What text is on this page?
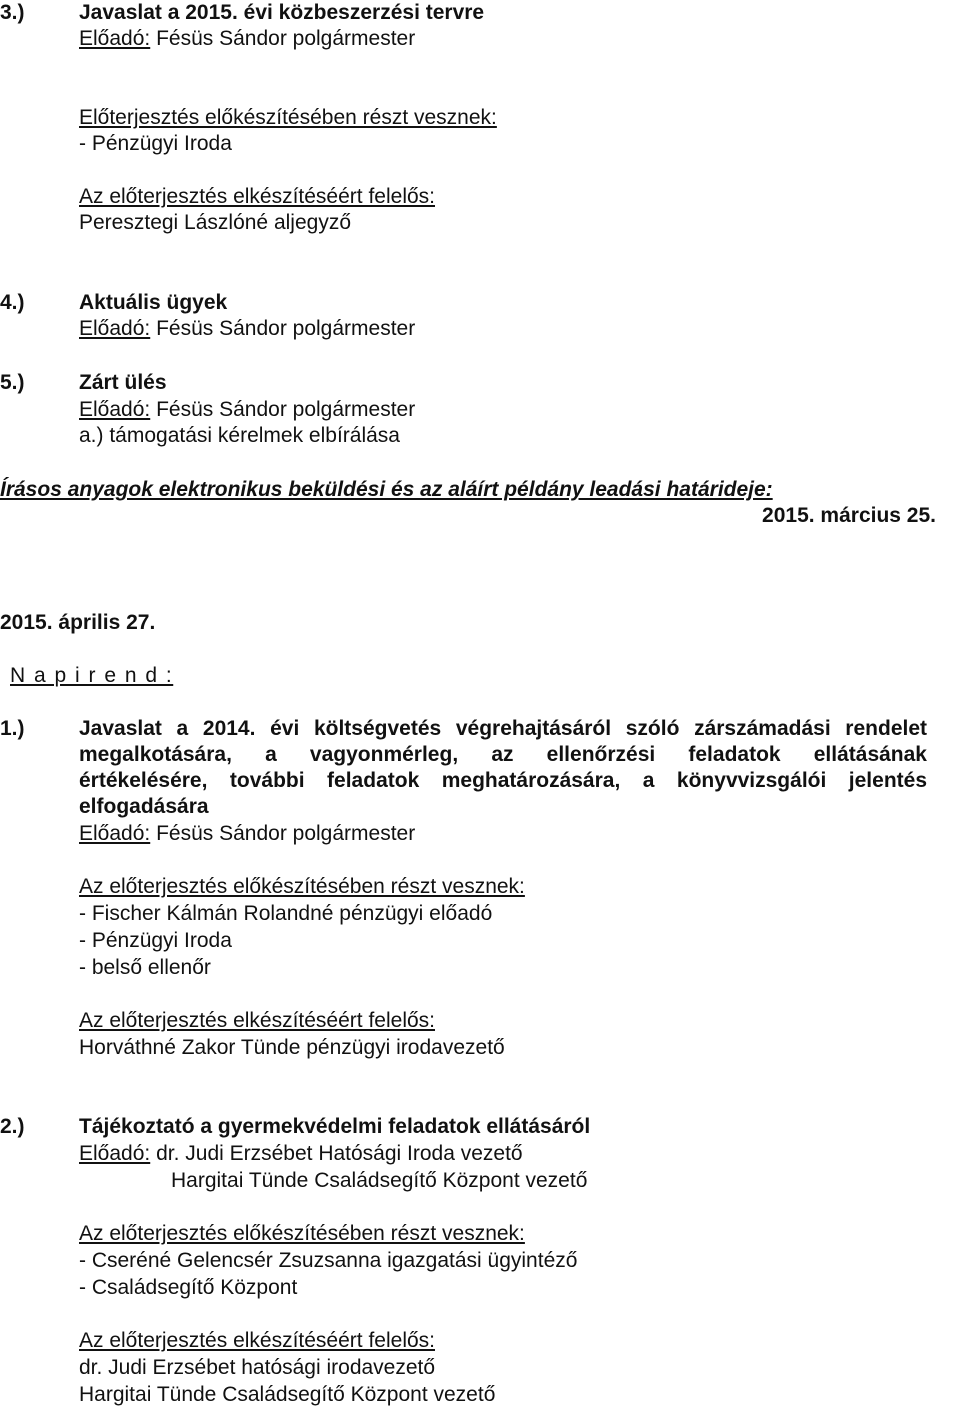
3.)	Javaslat a 2015. évi közbeszerzési tervre
Előadó: Fésüs Sándor polgármester
Előterjesztés előkészítésében részt vesznek:
- Pénzügyi Iroda
Az előterjesztés elkészítéséért felelős:
Peresztegi Lászlóné aljegyző
4.)	Aktuális ügyek
Előadó: Fésüs Sándor polgármester
5.)	Zárt ülés
Előadó: Fésüs Sándor polgármester
a.) támogatási kérelmek elbírálása
Írásos anyagok elektronikus beküldési és az aláírt példány leadási határideje:
2015. március 25.
2015. április 27.
N a p i r e n d :
1.)	Javaslat a 2014. évi költségvetés végrehajtásáról szóló zárszámadási rendelet
megalkotására, a vagyonmérleg, az ellenőrzési feladatok ellátásának
értékelésére, további feladatok meghatározására, a könyvvizsgálói jelentés
elfogadására
Előadó: Fésüs Sándor polgármester
Az előterjesztés előkészítésében részt vesznek:
- Fischer Kálmán Rolandné pénzügyi előadó
- Pénzügyi Iroda
- belső ellenőr
Az előterjesztés elkészítéséért felelős:
Horváthné Zakor Tünde pénzügyi irodavezető
2.)	Tájékoztató a gyermekvédelmi feladatok ellátásáról
Előadó: dr. Judi Erzsébet Hatósági Iroda vezető
Hargitai Tünde Családsegítő Központ vezető
Az előterjesztés előkészítésében részt vesznek:
- Cseréné Gelencsér Zsuzsanna igazgatási ügyintéző
- Családsegítő Központ
Az előterjesztés elkészítéséért felelős:
dr. Judi Erzsébet hatósági irodavezető
Hargitai Tünde Családsegítő Központ vezető
